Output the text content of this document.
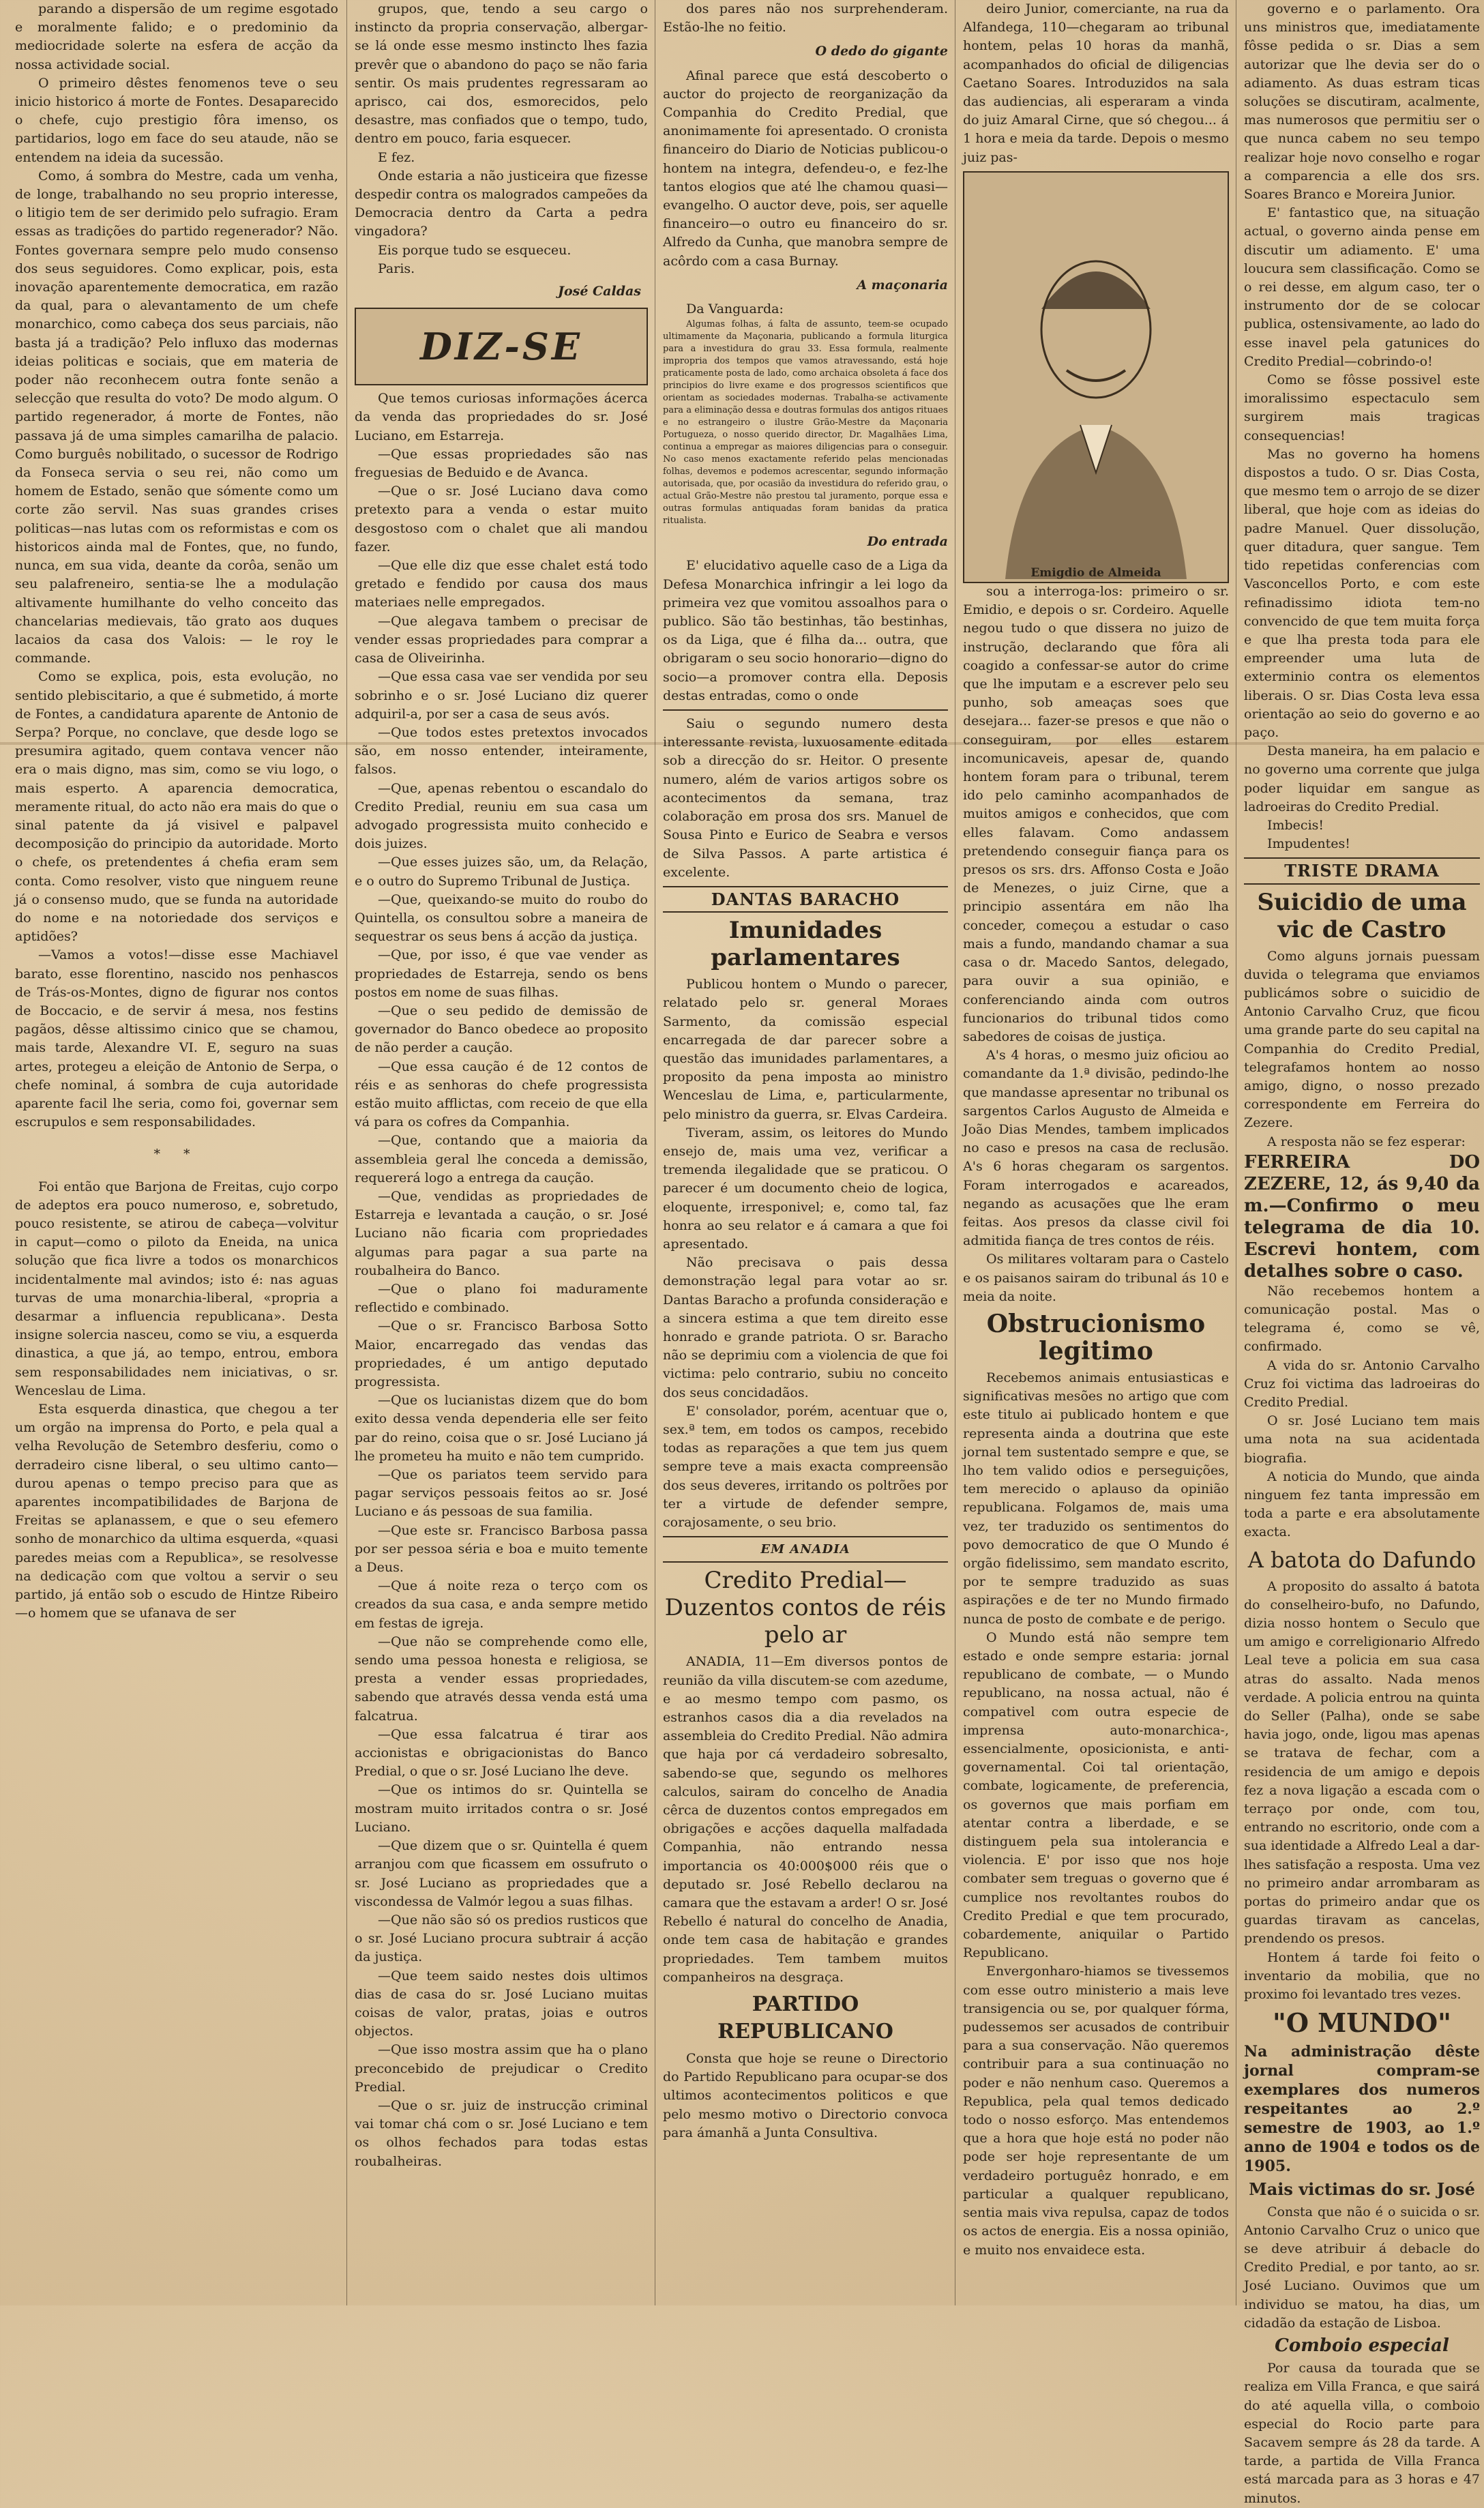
parando a dispersão de um regime esgotado e moralmente falido; e o predominio da mediocridade solerte na esfera de acção da nossa actividade social.

O primeiro dêstes fenomenos teve o seu inicio historico á morte de Fontes. Desaparecido o chefe, cujo prestigio fôra imenso, os partidarios, logo em face do seu ataude, não se entendem na ideia da sucessão.

Como, á sombra do Mestre, cada um venha, de longe, trabalhando no seu proprio interesse, o litigio tem de ser derimido pelo sufragio. Eram essas as tradições do partido regenerador? Não. Fontes governara sempre pelo mudo consenso dos seus seguidores. Como explicar, pois, esta inovação aparentemente democratica, em razão da qual, para o alevantamento de um chefe monarchico, como cabeça dos seus parciais, não basta já a tradição? Pelo influxo das modernas ideias politicas e sociais, que em materia de poder não reconhecem outra fonte senão a selecção que resulta do voto? De modo algum. O partido regenerador, á morte de Fontes, não passava já de uma simples camarilha de palacio. Como burguês nobilitado, o sucessor de Rodrigo da Fonseca servia o seu rei, não como um homem de Estado, senão que sómente como um corte zão servil. Nas suas grandes crises politicas—nas lutas com os reformistas e com os historicos ainda mal de Fontes, que, no fundo, nunca, em sua vida, deante da corôa, senão um seu palafreneiro, sentia-se lhe a modulação altivamente humilhante do velho conceito das chancelarias medievais, tão grato aos duques lacaios da casa dos Valois: — le roy le commande.

Como se explica, pois, esta evolução, no sentido plebiscitario, a que é submetido, á morte de Fontes, a candidatura aparente de Antonio de Serpa? Porque, no conclave, que desde logo se presumira agitado, quem contava vencer não era o mais digno, mas sim, como se viu logo, o mais esperto. A aparencia democratica, meramente ritual, do acto não era mais do que o sinal patente da já visivel e palpavel decomposição do principio da autoridade. Morto o chefe, os pretendentes á chefia eram sem conta. Como resolver, visto que ninguem reune já o consenso mudo, que se funda na autoridade do nome e na notoriedade dos serviços e aptidões?

—Vamos a votos!—disse esse Machiavel barato, esse florentino, nascido nos penhascos de Trás-os-Montes, digno de figurar nos contos de Boccacio, e de servir á mesa, nos festins pagãos, dêsse altissimo cinico que se chamou, mais tarde, Alexandre VI. E, seguro na suas artes, protegeu a eleição de Antonio de Serpa, o chefe nominal, á sombra de cuja autoridade aparente facil lhe seria, como foi, governar sem escrupulos e sem responsabilidades.

* *

Foi então que Barjona de Freitas, cujo corpo de adeptos era pouco numeroso, e, sobretudo, pouco resistente, se atirou de cabeça—volvitur in caput—como o piloto da Eneida, na unica solução que fica livre a todos os monarchicos incidentalmente mal avindos; isto é: nas aguas turvas de uma monarchia-liberal, «propria a desarmar a influencia republicana». Desta insigne solercia nasceu, como se viu, a esquerda dinastica, a que já, ao tempo, entrou, embora sem responsabilidades nem iniciativas, o sr. Wenceslau de Lima.

Esta esquerda dinastica, que chegou a ter um orgão na imprensa do Porto, e pela qual a velha Revolução de Setembro desferiu, como o derradeiro cisne liberal, o seu ultimo canto—durou apenas o tempo preciso para que as aparentes incompatibilidades de Barjona de Freitas se aplanassem, e que o seu efemero sonho de monarchico da ultima esquerda, «quasi paredes meias com a Republica», se resolvesse na dedicação com que voltou a servir o seu partido, já então sob o escudo de Hintze Ribeiro—o homem que se ufanava de ser

grupos, que, tendo a seu cargo o instincto da propria conservação, albergar-se lá onde esse mesmo instincto lhes fazia prevêr que o abandono do paço se não faria sentir. Os mais prudentes regressaram ao aprisco, cai dos, esmorecidos, pelo desastre, mas confiados que o tempo, tudo, dentro em pouco, faria esquecer.

E fez.

Onde estaria a não justiceira que fizesse despedir contra os malogrados campeões da Democracia dentro da Carta a pedra vingadora?

Eis porque tudo se esqueceu.

Paris.

José Caldas
DIZ-SE

Que temos curiosas informações ácerca da venda das propriedades do sr. José Luciano, em Estarreja.

—Que essas propriedades são nas freguesias de Beduido e de Avanca.

—Que o sr. José Luciano dava como pretexto para a venda o estar muito desgostoso com o chalet que ali mandou fazer.

—Que elle diz que esse chalet está todo gretado e fendido por causa dos maus materiaes nelle empregados.

—Que alegava tambem o precisar de vender essas propriedades para comprar a casa de Oliveirinha.

—Que essa casa vae ser vendida por seu sobrinho e o sr. José Luciano diz querer adquiril-a, por ser a casa de seus avós.

—Que todos estes pretextos invocados são, em nosso entender, inteiramente, falsos.

—Que, apenas rebentou o escandalo do Credito Predial, reuniu em sua casa um advogado progressista muito conhecido e dois juizes.

—Que esses juizes são, um, da Relação, e o outro do Supremo Tribunal de Justiça.

—Que, queixando-se muito do roubo do Quintella, os consultou sobre a maneira de sequestrar os seus bens á acção da justiça.

—Que, por isso, é que vae vender as propriedades de Estarreja, sendo os bens postos em nome de suas filhas.

—Que o seu pedido de demissão de governador do Banco obedece ao proposito de não perder a caução.

—Que essa caução é de 12 contos de réis e as senhoras do chefe progressista estão muito afflictas, com receio de que ella vá para os cofres da Companhia.

—Que, contando que a maioria da assembleia geral lhe conceda a demissão, requererá logo a entrega da caução.

—Que, vendidas as propriedades de Estarreja e levantada a caução, o sr. José Luciano não ficaria com propriedades algumas para pagar a sua parte na roubalheira do Banco.

—Que o plano foi maduramente reflectido e combinado.

—Que o sr. Francisco Barbosa Sotto Maior, encarregado das vendas das propriedades, é um antigo deputado progressista.

—Que os lucianistas dizem que do bom exito dessa venda dependeria elle ser feito par do reino, coisa que o sr. José Luciano já lhe prometeu ha muito e não tem cumprido.

—Que os pariatos teem servido para pagar serviços pessoais feitos ao sr. José Luciano e ás pessoas de sua familia.

—Que este sr. Francisco Barbosa passa por ser pessoa séria e boa e muito temente a Deus.

—Que á noite reza o terço com os creados da sua casa, e anda sempre metido em festas de igreja.

—Que não se comprehende como elle, sendo uma pessoa honesta e religiosa, se presta a vender essas propriedades, sabendo que através dessa venda está uma falcatrua.

—Que essa falcatrua é tirar aos accionistas e obrigacionistas do Banco Predial, o que o sr. José Luciano lhe deve.

—Que os intimos do sr. Quintella se mostram muito irritados contra o sr. José Luciano.

—Que dizem que o sr. Quintella é quem arranjou com que ficassem em ossufruto o sr. José Luciano as propriedades que a viscondessa de Valmór legou a suas filhas.

—Que não são só os predios rusticos que o sr. José Luciano procura subtrair á acção da justiça.

—Que teem saido nestes dois ultimos dias de casa do sr. José Luciano muitas coisas de valor, pratas, joias e outros objectos.

—Que isso mostra assim que ha o plano preconcebido de prejudicar o Credito Predial.

—Que o sr. juiz de instrucção criminal vai tomar chá com o sr. José Luciano e tem os olhos fechados para todas estas roubalheiras.

dos pares não nos surprehenderam. Estão-lhe no feitio.

O dedo do gigante

Afinal parece que está descoberto o auctor do projecto de reorganização da Companhia do Credito Predial, que anonimamente foi apresentado. O cronista financeiro do Diario de Noticias publicou-o hontem na integra, defendeu-o, e fez-lhe tantos elogios que até lhe chamou quasi—evangelho. O auctor deve, pois, ser aquelle financeiro—o outro eu financeiro do sr. Alfredo da Cunha, que manobra sempre de acôrdo com a casa Burnay.

A maçonaria

Da Vanguarda:

Algumas folhas, á falta de assunto, teem-se ocupado ultimamente da Maçonaria, publicando a formula liturgica para a investidura do grau 33. Essa formula, realmente impropria dos tempos que vamos atravessando, está hoje praticamente posta de lado, como archaica obsoleta á face dos principios do livre exame e dos progressos scientificos que orientam as sociedades modernas. Trabalha-se activamente para a eliminação dessa e doutras formulas dos antigos rituaes e no estrangeiro o ilustre Grão-Mestre da Maçonaria Portugueza, o nosso querido director, Dr. Magalhães Lima, continua a empregar as maiores diligencias para o conseguir. No caso menos exactamente referido pelas mencionadas folhas, devemos e podemos acrescentar, segundo informação autorisada, que, por ocasião da investidura do referido grau, o actual Grão-Mestre não prestou tal juramento, porque essa e outras formulas antiquadas foram banidas da pratica ritualista.

Do entrada

E' elucidativo aquelle caso de a Liga da Defesa Monarchica infringir a lei logo da primeira vez que vomitou assoalhos para o publico. São tão bestinhas, tão bestinhas, os da Liga, que é filha da... outra, que obrigaram o seu socio honorario—digno do socio—a promover contra ella. Deposis destas entradas, como o onde

Saiu o segundo numero desta interessante revista, luxuosamente editada sob a direcção do sr. Heitor. O presente numero, além de varios artigos sobre os acontecimentos da semana, traz colaboração em prosa dos srs. Manuel de Sousa Pinto e Eurico de Seabra e versos de Silva Passos. A parte artistica é excelente.

DANTAS BARACHO
Imunidades parlamentares

Publicou hontem o Mundo o parecer, relatado pelo sr. general Moraes Sarmento, da comissão especial encarregada de dar parecer sobre a questão das imunidades parlamentares, a proposito da pena imposta ao ministro Wenceslau de Lima, e, particularmente, pelo ministro da guerra, sr. Elvas Cardeira.

Tiveram, assim, os leitores do Mundo ensejo de, mais uma vez, verificar a tremenda ilegalidade que se praticou. O parecer é um documento cheio de logica, eloquente, irresponivel; e, como tal, faz honra ao seu relator e á camara a que foi apresentado.

Não precisava o pais dessa demonstração legal para votar ao sr. Dantas Baracho a profunda consideração e a sincera estima a que tem direito esse honrado e grande patriota. O sr. Baracho não se deprimiu com a violencia de que foi victima: pelo contrario, subiu no conceito dos seus concidadãos.

E' consolador, porém, acentuar que o, sex.ª tem, em todos os campos, recebido todas as reparações a que tem jus quem sempre teve a mais exacta compreensão dos seus deveres, irritando os poltrões por ter a virtude de defender sempre, corajosamente, o seu brio.

EM ANADIA
Credito Predial—Duzentos contos de réis pelo ar

ANADIA, 11—Em diversos pontos de reunião da villa discutem-se com azedume, e ao mesmo tempo com pasmo, os estranhos casos dia a dia revelados na assembleia do Credito Predial. Não admira que haja por cá verdadeiro sobresalto, sabendo-se que, segundo os melhores calculos, sairam do concelho de Anadia cêrca de duzentos contos empregados em obrigações e acções daquella malfadada Companhia, não entrando nessa importancia os 40:000$000 réis que o deputado sr. José Rebello declarou na camara que the estavam a arder! O sr. José Rebello é natural do concelho de Anadia, onde tem casa de habitação e grandes propriedades. Tem tambem muitos companheiros na desgraça.

PARTIDO REPUBLICANO

Consta que hoje se reune o Directorio do Partido Republicano para ocupar-se dos ultimos acontecimentos politicos e que pelo mesmo motivo o Directorio convoca para ámanhã a Junta Consultiva.

deiro Junior, comerciante, na rua da Alfandega, 110—chegaram ao tribunal hontem, pelas 10 horas da manhã, acompanhados do oficial de diligencias Caetano Soares. Introduzidos na sala das audiencias, ali esperaram a vinda do juiz Amaral Cirne, que só chegou... á 1 hora e meia da tarde. Depois o mesmo juiz pas-

Emigdio de Almeida

sou a interroga-los: primeiro o sr. Emidio, e depois o sr. Cordeiro. Aquelle negou tudo o que dissera no juizo de instrução, declarando que fôra ali coagido a confessar-se autor do crime que lhe imputam e a escrever pelo seu punho, sob ameaças soes que desejara... fazer-se presos e que não o conseguiram, por elles estarem incomunicaveis, apesar de, quando hontem foram para o tribunal, terem ido pelo caminho acompanhados de muitos amigos e conhecidos, que com elles falavam. Como andassem pretendendo conseguir fiança para os presos os srs. drs. Affonso Costa e João de Menezes, o juiz Cirne, que a principio assentára em não lha conceder, começou a estudar o caso mais a fundo, mandando chamar a sua casa o dr. Macedo Santos, delegado, para ouvir a sua opinião, e conferenciando ainda com outros funcionarios do tribunal tidos como sabedores de coisas de justiça.

A's 4 horas, o mesmo juiz oficiou ao comandante da 1.ª divisão, pedindo-lhe que mandasse apresentar no tribunal os sargentos Carlos Augusto de Almeida e João Dias Mendes, tambem implicados no caso e presos na casa de reclusão. A's 6 horas chegaram os sargentos. Foram interrogados e acareados, negando as acusações que lhe eram feitas. Aos presos da classe civil foi admitida fiança de tres contos de réis.

Os militares voltaram para o Castelo e os paisanos sairam do tribunal ás 10 e meia da noite.

Obstrucionismo legitimo

Recebemos animais entusiasticas e significativas mesões no artigo que com este titulo ai publicado hontem e que representa ainda a doutrina que este jornal tem sustentado sempre e que, se lho tem valido odios e perseguições, tem merecido o aplauso da opinião republicana. Folgamos de, mais uma vez, ter traduzido os sentimentos do povo democratico de que O Mundo é orgão fidelissimo, sem mandato escrito, por te sempre traduzido as suas aspirações e de ter no Mundo firmado nunca de posto de combate e de perigo.

O Mundo está não sempre tem estado e onde sempre estaria: jornal republicano de combate, — o Mundo republicano, na nossa actual, não é compativel com outra especie de imprensa auto-monarchica-, essencialmente, oposicionista, e anti-governamental. Coi tal orientação, combate, logicamente, de preferencia, os governos que mais porfiam em atentar contra a liberdade, e se distinguem pela sua intolerancia e violencia. E' por isso que nos hoje combater sem treguas o governo que é cumplice nos revoltantes roubos do Credito Predial e que tem procurado, cobardemente, aniquilar o Partido Republicano.

Envergonharo-hiamos se tivessemos com esse outro ministerio a mais leve transigencia ou se, por qualquer fórma, pudessemos ser acusados de contribuir para a sua conservação. Não queremos contribuir para a sua continuação no poder e não nenhum caso. Queremos a Republica, pela qual temos dedicado todo o nosso esforço. Mas entendemos que a hora que hoje está no poder não pode ser hoje representante de um verdadeiro portuguêz honrado, e em particular a qualquer republicano, sentia mais viva repulsa, capaz de todos os actos de energia. Eis a nossa opinião, e muito nos envaidece esta.

governo e o parlamento. Ora uns ministros que, imediatamente fôsse pedida o sr. Dias a sem autorizar que lhe devia ser do o adiamento. As duas estram ticas soluções se discutiram, acalmente, mas numerosos que permitiu ser o que nunca cabem no seu tempo realizar hoje novo conselho e rogar a comparencia a elle dos srs. Soares Branco e Moreira Junior.

E' fantastico que, na situação actual, o governo ainda pense em discutir um adiamento. E' uma loucura sem classificação. Como se o rei desse, em algum caso, ter o instrumento dor de se colocar publica, ostensivamente, ao lado do esse inavel pela gatunices do Credito Predial—cobrindo-o!

Como se fôsse possivel este imoralissimo espectaculo sem surgirem mais tragicas consequencias!

Mas no governo ha homens dispostos a tudo. O sr. Dias Costa, que mesmo tem o arrojo de se dizer liberal, que hoje com as ideias do padre Manuel. Quer dissolução, quer ditadura, quer sangue. Tem tido repetidas conferencias com Vasconcellos Porto, e com este refinadissimo idiota tem-no convencido de que tem muita força e que lha presta toda para ele empreender uma luta de exterminio contra os elementos liberais. O sr. Dias Costa leva essa orientação ao seio do governo e ao paço.

Desta maneira, ha em palacio e no governo uma corrente que julga poder liquidar em sangue as ladroeiras do Credito Predial.

Imbecis!

Impudentes!

TRISTE DRAMA
Suicidio de uma vic de Castro

Como alguns jornais puessam duvida o telegrama que enviamos publicámos sobre o suicidio de Antonio Carvalho Cruz, que ficou uma grande parte do seu capital na Companhia do Credito Predial, telegrafamos hontem ao nosso amigo, digno, o nosso prezado correspondente em Ferreira do Zezere.

A resposta não se fez esperar:

FERREIRA DO ZEZERE, 12, ás 9,40 da m.—Confirmo o meu telegrama de dia 10. Escrevi hontem, com detalhes sobre o caso.

Não recebemos hontem a comunicação postal. Mas o telegrama é, como se vê, confirmado.

A vida do sr. Antonio Carvalho Cruz foi victima das ladroeiras do Credito Predial.

O sr. José Luciano tem mais uma nota na sua acidentada biografia.

A noticia do Mundo, que ainda ninguem fez tanta impressão em toda a parte e era absolutamente exacta.

A batota do Dafundo

A proposito do assalto á batota do conselheiro-bufo, no Dafundo, dizia nosso hontem o Seculo que um amigo e correligionario Alfredo Leal teve a policia em sua casa atras do assalto. Nada menos verdade. A policia entrou na quinta do Seller (Palha), onde se sabe havia jogo, onde, ligou mas apenas se tratava de fechar, com a residencia de um amigo e depois fez a nova ligação a escada com o terraço por onde, com tou, entrando no escritorio, onde com a sua identidade a Alfredo Leal a dar-lhes satisfação a resposta. Uma vez no primeiro andar arrombaram as portas do primeiro andar que os guardas tiravam as cancelas, prendendo os presos.

Hontem á tarde foi feito o inventario da mobilia, que no proximo foi levantado tres vezes.

"O MUNDO"
Na administração dêste jornal compram-se exemplares dos numeros respeitantes ao 2.º semestre de 1903, ao 1.º anno de 1904 e todos os de 1905.
Mais victimas do sr. José

Consta que não é o suicida o sr. Antonio Carvalho Cruz o unico que se deve atribuir á debacle do Credito Predial, e por tanto, ao sr. José Luciano. Ouvimos que um individuo se matou, ha dias, um cidadão da estação de Lisboa.

Comboio especial

Por causa da tourada que se realiza em Villa Franca, e que sairá do até aquella villa, o comboio especial do Rocio parte para Sacavem sempre ás 28 da tarde. A tarde, a partida de Villa Franca está marcada para as 3 horas e 47 minutos.
